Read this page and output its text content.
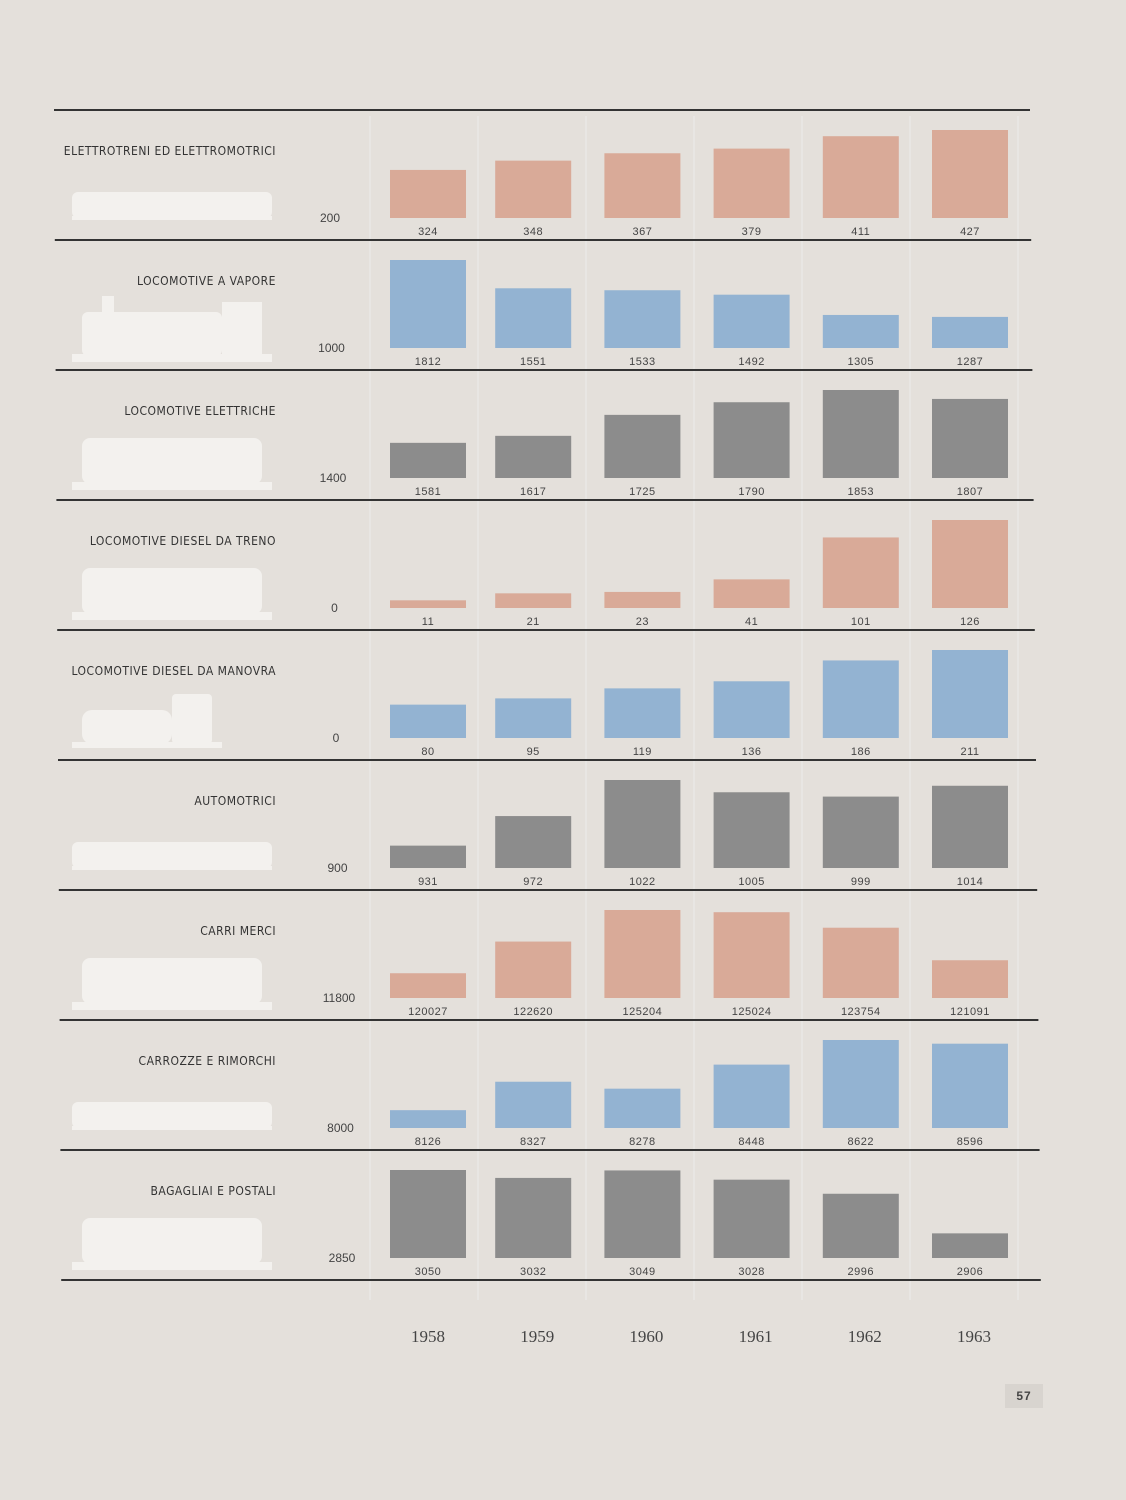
ELETTROTRENI ED ELETTROMOTRICI
200
324	348	367	379	411	427
LOCOMOTIVE A VAPORE
1000
1812	1551	1533	1492	1305	1287
LOCOMOTIVE ELETTRICHE
1400
1581	1617	1725	1790	1853	1807
LOCOMOTIVE DIESEL DA TRENO
0
11	21	23	41	101	126
LOCOMOTIVE DIESEL DA MANOVRA
0
80	95	119	136	186	211
AUTOMOTRICI
900
931	972	1022	1005	999	1014
CARRI MERCI
11800
120027	122620	125204	125024	123754	121091
CARROZZE E RIMORCHI
8000
8126	8327	8278	8448	8622	8596
BAGAGLIAI E POSTALI
2850
3050	3032	3049	3028	2996	2906
1958	1959	1960	1961	1962	1963
57
